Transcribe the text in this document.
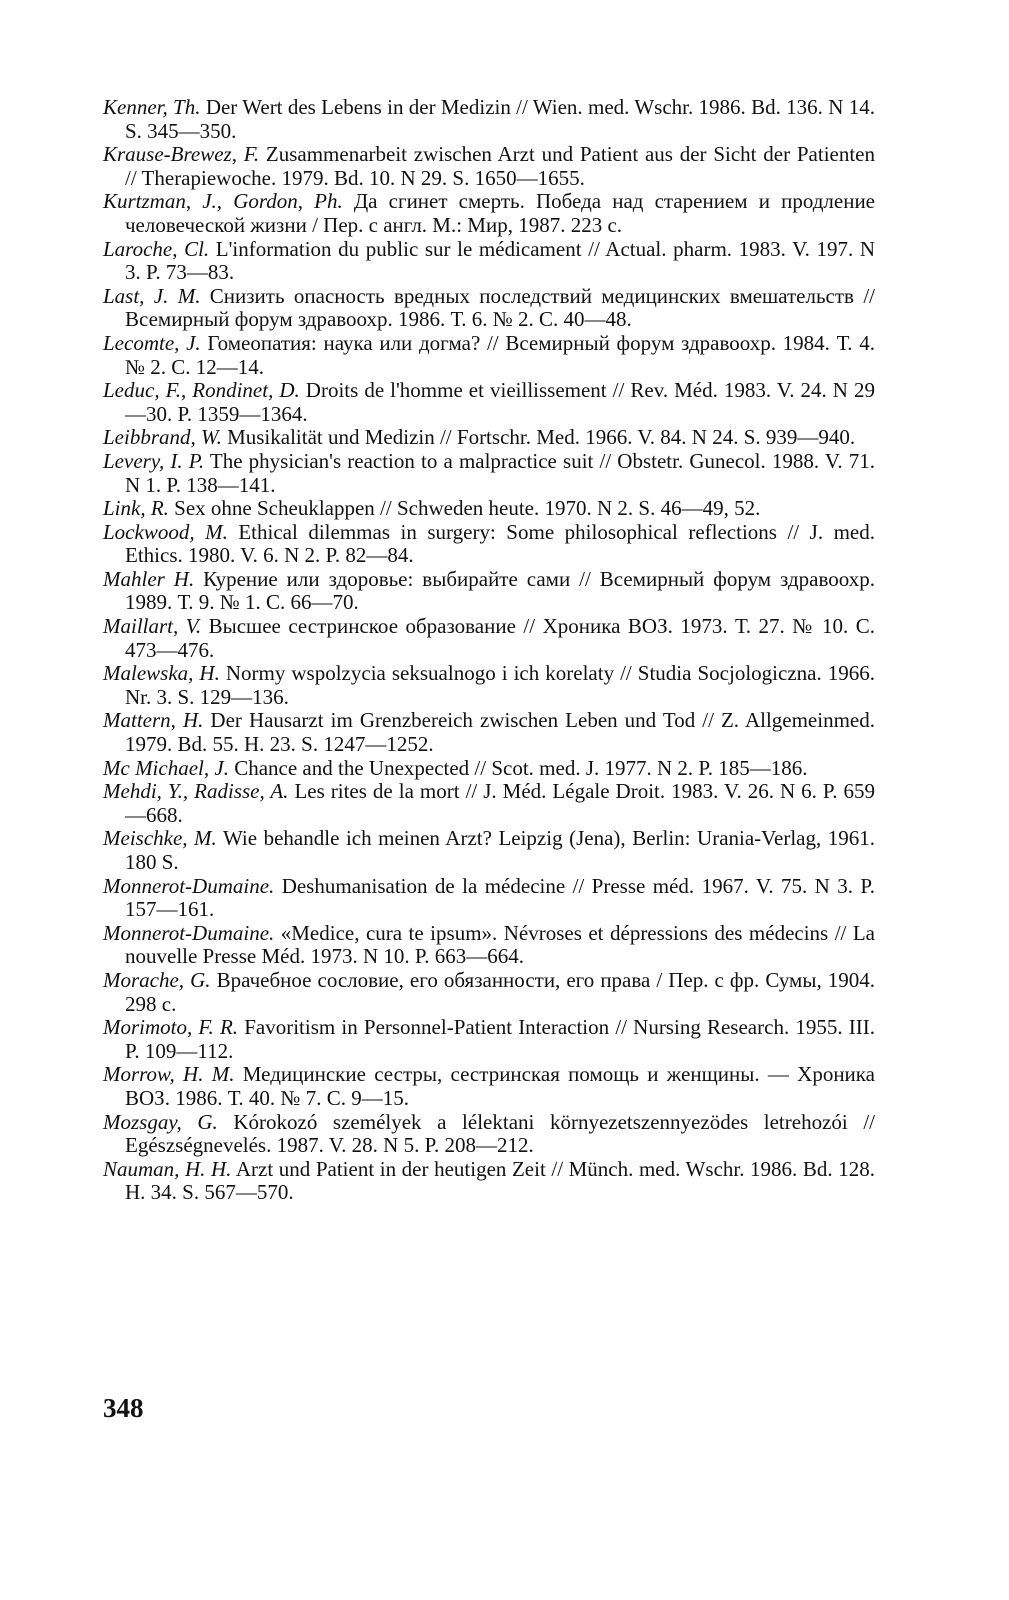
Kenner, Th. Der Wert des Lebens in der Medizin // Wien. med. Wschr. 1986. Bd. 136. N 14. S. 345—350.

Krause-Brewez, F. Zusammenarbeit zwischen Arzt und Patient aus der Sicht der Patienten // Therapiewoche. 1979. Bd. 10. N 29. S. 1650—1655.

Kurtzman, J., Gordon, Ph. Да сгинет смерть. Победа над старением и продление человеческой жизни / Пер. с англ. М.: Мир, 1987. 223 с.

Laroche, Cl. L'information du public sur le médicament // Actual. pharm. 1983. V. 197. N 3. P. 73—83.

Last, J. M. Снизить опасность вредных последствий медицинских вмешательств // Всемирный форум здравоохр. 1986. Т. 6. № 2. С. 40—48.

Lecomte, J. Гомеопатия: наука или догма? // Всемирный форум здравоохр. 1984. Т. 4. № 2. С. 12—14.

Leduc, F., Rondinet, D. Droits de l'homme et vieillissement // Rev. Méd. 1983. V. 24. N 29—30. P. 1359—1364.

Leibbrand, W. Musikalität und Medizin // Fortschr. Med. 1966. V. 84. N 24. S. 939—940.

Levery, I. P. The physician's reaction to a malpractice suit // Obstetr. Gunecol. 1988. V. 71. N 1. P. 138—141.

Link, R. Sex ohne Scheuklappen // Schweden heute. 1970. N 2. S. 46—49, 52.

Lockwood, M. Ethical dilemmas in surgery: Some philosophical reflections // J. med. Ethics. 1980. V. 6. N 2. P. 82—84.

Mahler H. Курение или здоровье: выбирайте сами // Всемирный форум здравоохр. 1989. Т. 9. № 1. С. 66—70.

Maillart, V. Высшее сестринское образование // Хроника ВОЗ. 1973. Т. 27. № 10. С. 473—476.

Malewska, H. Normy wspolzycia seksualnogo i ich korelaty // Studia Socjologiczna. 1966. Nr. 3. S. 129—136.

Mattern, H. Der Hausarzt im Grenzbereich zwischen Leben und Tod // Z. Allgemeinmed. 1979. Bd. 55. H. 23. S. 1247—1252.

Mc Michael, J. Chance and the Unexpected // Scot. med. J. 1977. N 2. P. 185—186.

Mehdi, Y., Radisse, A. Les rites de la mort // J. Méd. Légale Droit. 1983. V. 26. N 6. P. 659—668.

Meischke, M. Wie behandle ich meinen Arzt? Leipzig (Jena), Berlin: Urania-Verlag, 1961. 180 S.

Monnerot-Dumaine. Deshumanisation de la médecine // Presse méd. 1967. V. 75. N 3. P. 157—161.

Monnerot-Dumaine. «Medice, cura te ipsum». Névroses et dépressions des médecins // La nouvelle Presse Méd. 1973. N 10. P. 663—664.

Morache, G. Врачебное сословие, его обязанности, его права / Пер. с фр. Сумы, 1904. 298 с.

Morimoto, F. R. Favoritism in Personnel-Patient Interaction // Nursing Research. 1955. III. P. 109—112.

Morrow, H. M. Медицинские сестры, сестринская помощь и женщины. — Хроника ВОЗ. 1986. Т. 40. № 7. С. 9—15.

Mozsgay, G. Kórokozó személyek a lélektani környezetszennyezödes letrehozói // Egészségnevelés. 1987. V. 28. N 5. P. 208—212.

Nauman, H. H. Arzt und Patient in der heutigen Zeit // Münch. med. Wschr. 1986. Bd. 128. H. 34. S. 567—570.

348
